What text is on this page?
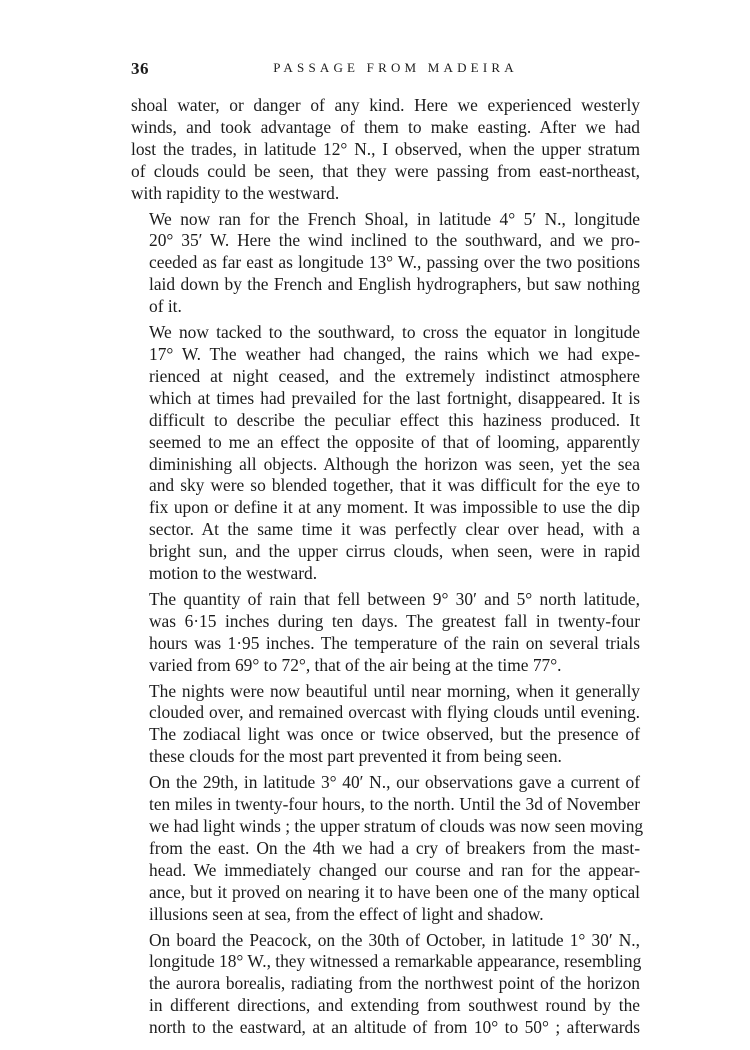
36	PASSAGE FROM MADEIRA

shoal water, or danger of any kind. Here we experienced westerly
winds, and took advantage of them to make easting. After we had
lost the trades, in latitude 12° N., I observed, when the upper stratum
of clouds could be seen, that they were passing from east-northeast,
with rapidity to the westward.

We now ran for the French Shoal, in latitude 4° 5′ N., longitude
20° 35′ W. Here the wind inclined to the southward, and we pro-
ceeded as far east as longitude 13° W., passing over the two positions
laid down by the French and English hydrographers, but saw nothing
of it.

We now tacked to the southward, to cross the equator in longitude
17° W. The weather had changed, the rains which we had expe-
rienced at night ceased, and the extremely indistinct atmosphere
which at times had prevailed for the last fortnight, disappeared. It is
difficult to describe the peculiar effect this haziness produced. It
seemed to me an effect the opposite of that of looming, apparently
diminishing all objects. Although the horizon was seen, yet the sea
and sky were so blended together, that it was difficult for the eye to
fix upon or define it at any moment. It was impossible to use the dip
sector. At the same time it was perfectly clear over head, with a
bright sun, and the upper cirrus clouds, when seen, were in rapid
motion to the westward.

The quantity of rain that fell between 9° 30′ and 5° north latitude,
was 6·15 inches during ten days. The greatest fall in twenty-four
hours was 1·95 inches. The temperature of the rain on several trials
varied from 69° to 72°, that of the air being at the time 77°.

The nights were now beautiful until near morning, when it generally
clouded over, and remained overcast with flying clouds until evening.
The zodiacal light was once or twice observed, but the presence of
these clouds for the most part prevented it from being seen.

On the 29th, in latitude 3° 40′ N., our observations gave a current of
ten miles in twenty-four hours, to the north. Until the 3d of November
we had light winds ; the upper stratum of clouds was now seen moving
from the east. On the 4th we had a cry of breakers from the mast-
head. We immediately changed our course and ran for the appear-
ance, but it proved on nearing it to have been one of the many optical
illusions seen at sea, from the effect of light and shadow.

On board the Peacock, on the 30th of October, in latitude 1° 30′ N.,
longitude 18° W., they witnessed a remarkable appearance, resembling
the aurora borealis, radiating from the northwest point of the horizon
in different directions, and extending from southwest round by the
north to the eastward, at an altitude of from 10° to 50° ; afterwards
